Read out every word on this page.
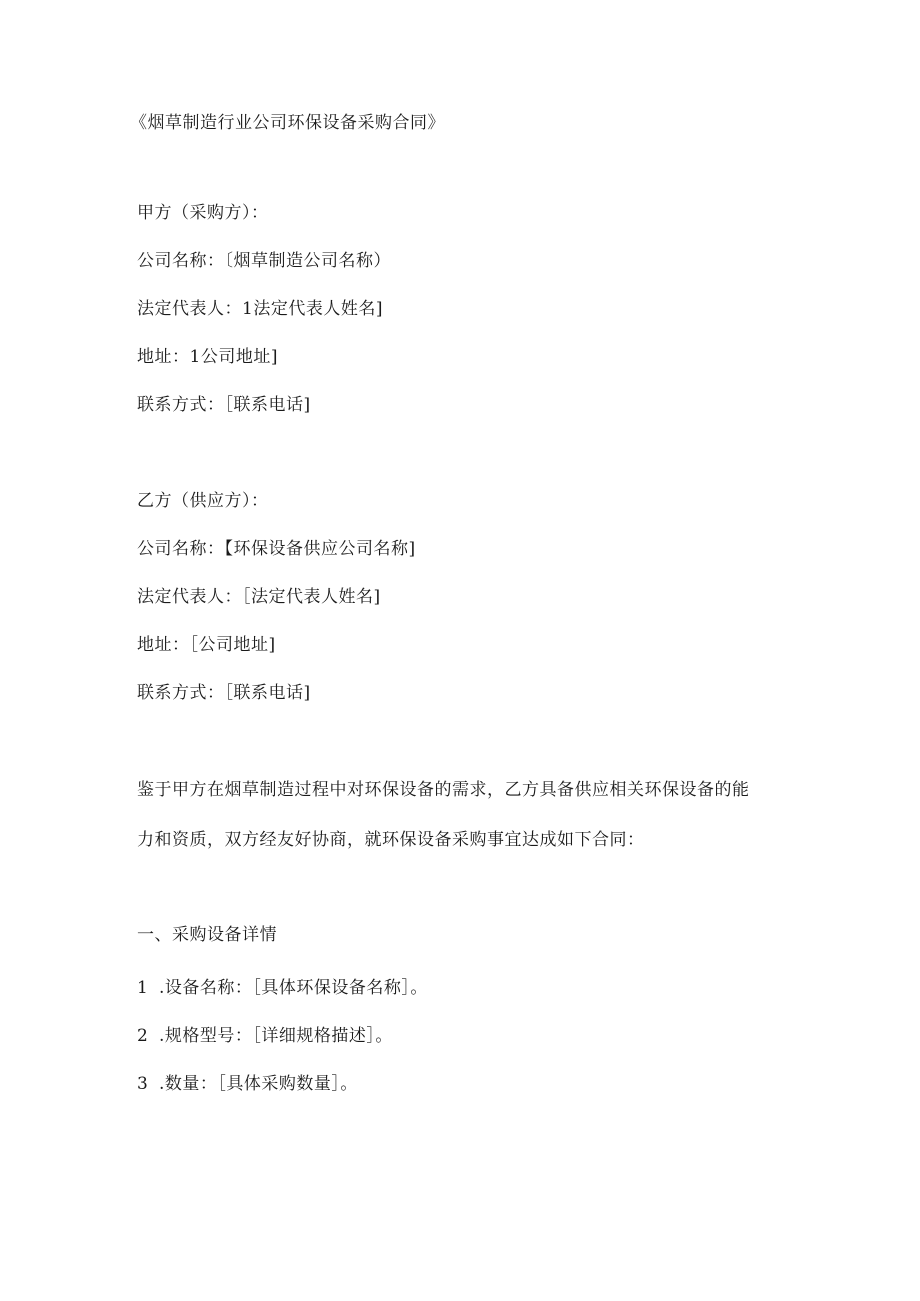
《烟草制造行业公司环保设备采购合同》
甲方（采购方）：
公司名称：〔烟草制造公司名称）
法定代表人：1法定代表人姓名]
地址：1公司地址]
联系方式：［联系电话]
乙方（供应方）：
公司名称：【环保设备供应公司名称]
法定代表人：［法定代表人姓名]
地址：［公司地址]
联系方式：［联系电话]
鉴于甲方在烟草制造过程中对环保设备的需求，乙方具备供应相关环保设备的能
力和资质，双方经友好协商，就环保设备采购事宜达成如下合同：
一、采购设备详情
1 .设备名称：［具体环保设备名称］。
2 .规格型号：［详细规格描述］。
3 .数量：［具体采购数量］。
